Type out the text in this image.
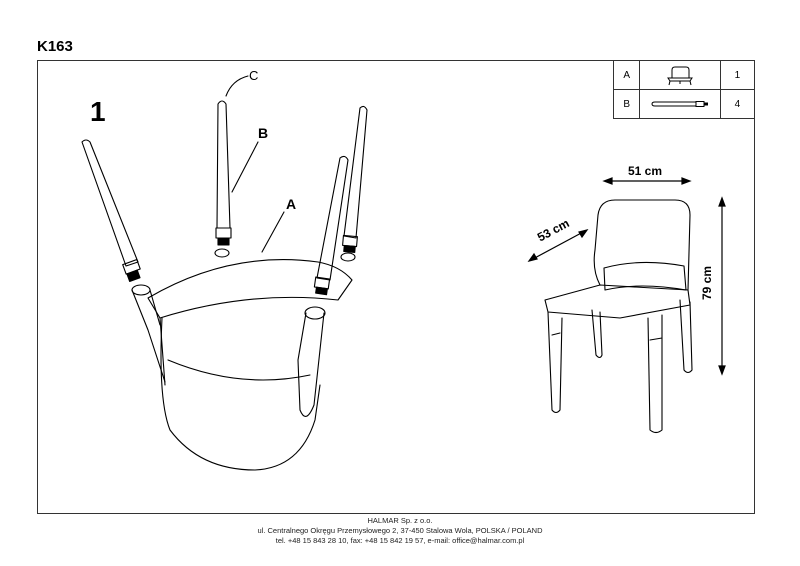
K163
A		1
B		4
1
C
B
A
51 cm
53 cm
79 cm
HALMAR Sp. z o.o.
ul. Centralnego Okręgu Przemysłowego 2, 37-450 Stalowa Wola, POLSKA / POLAND
tel. +48 15 843 28 10, fax: +48 15 842 19 57, e-mail: office@halmar.com.pl
